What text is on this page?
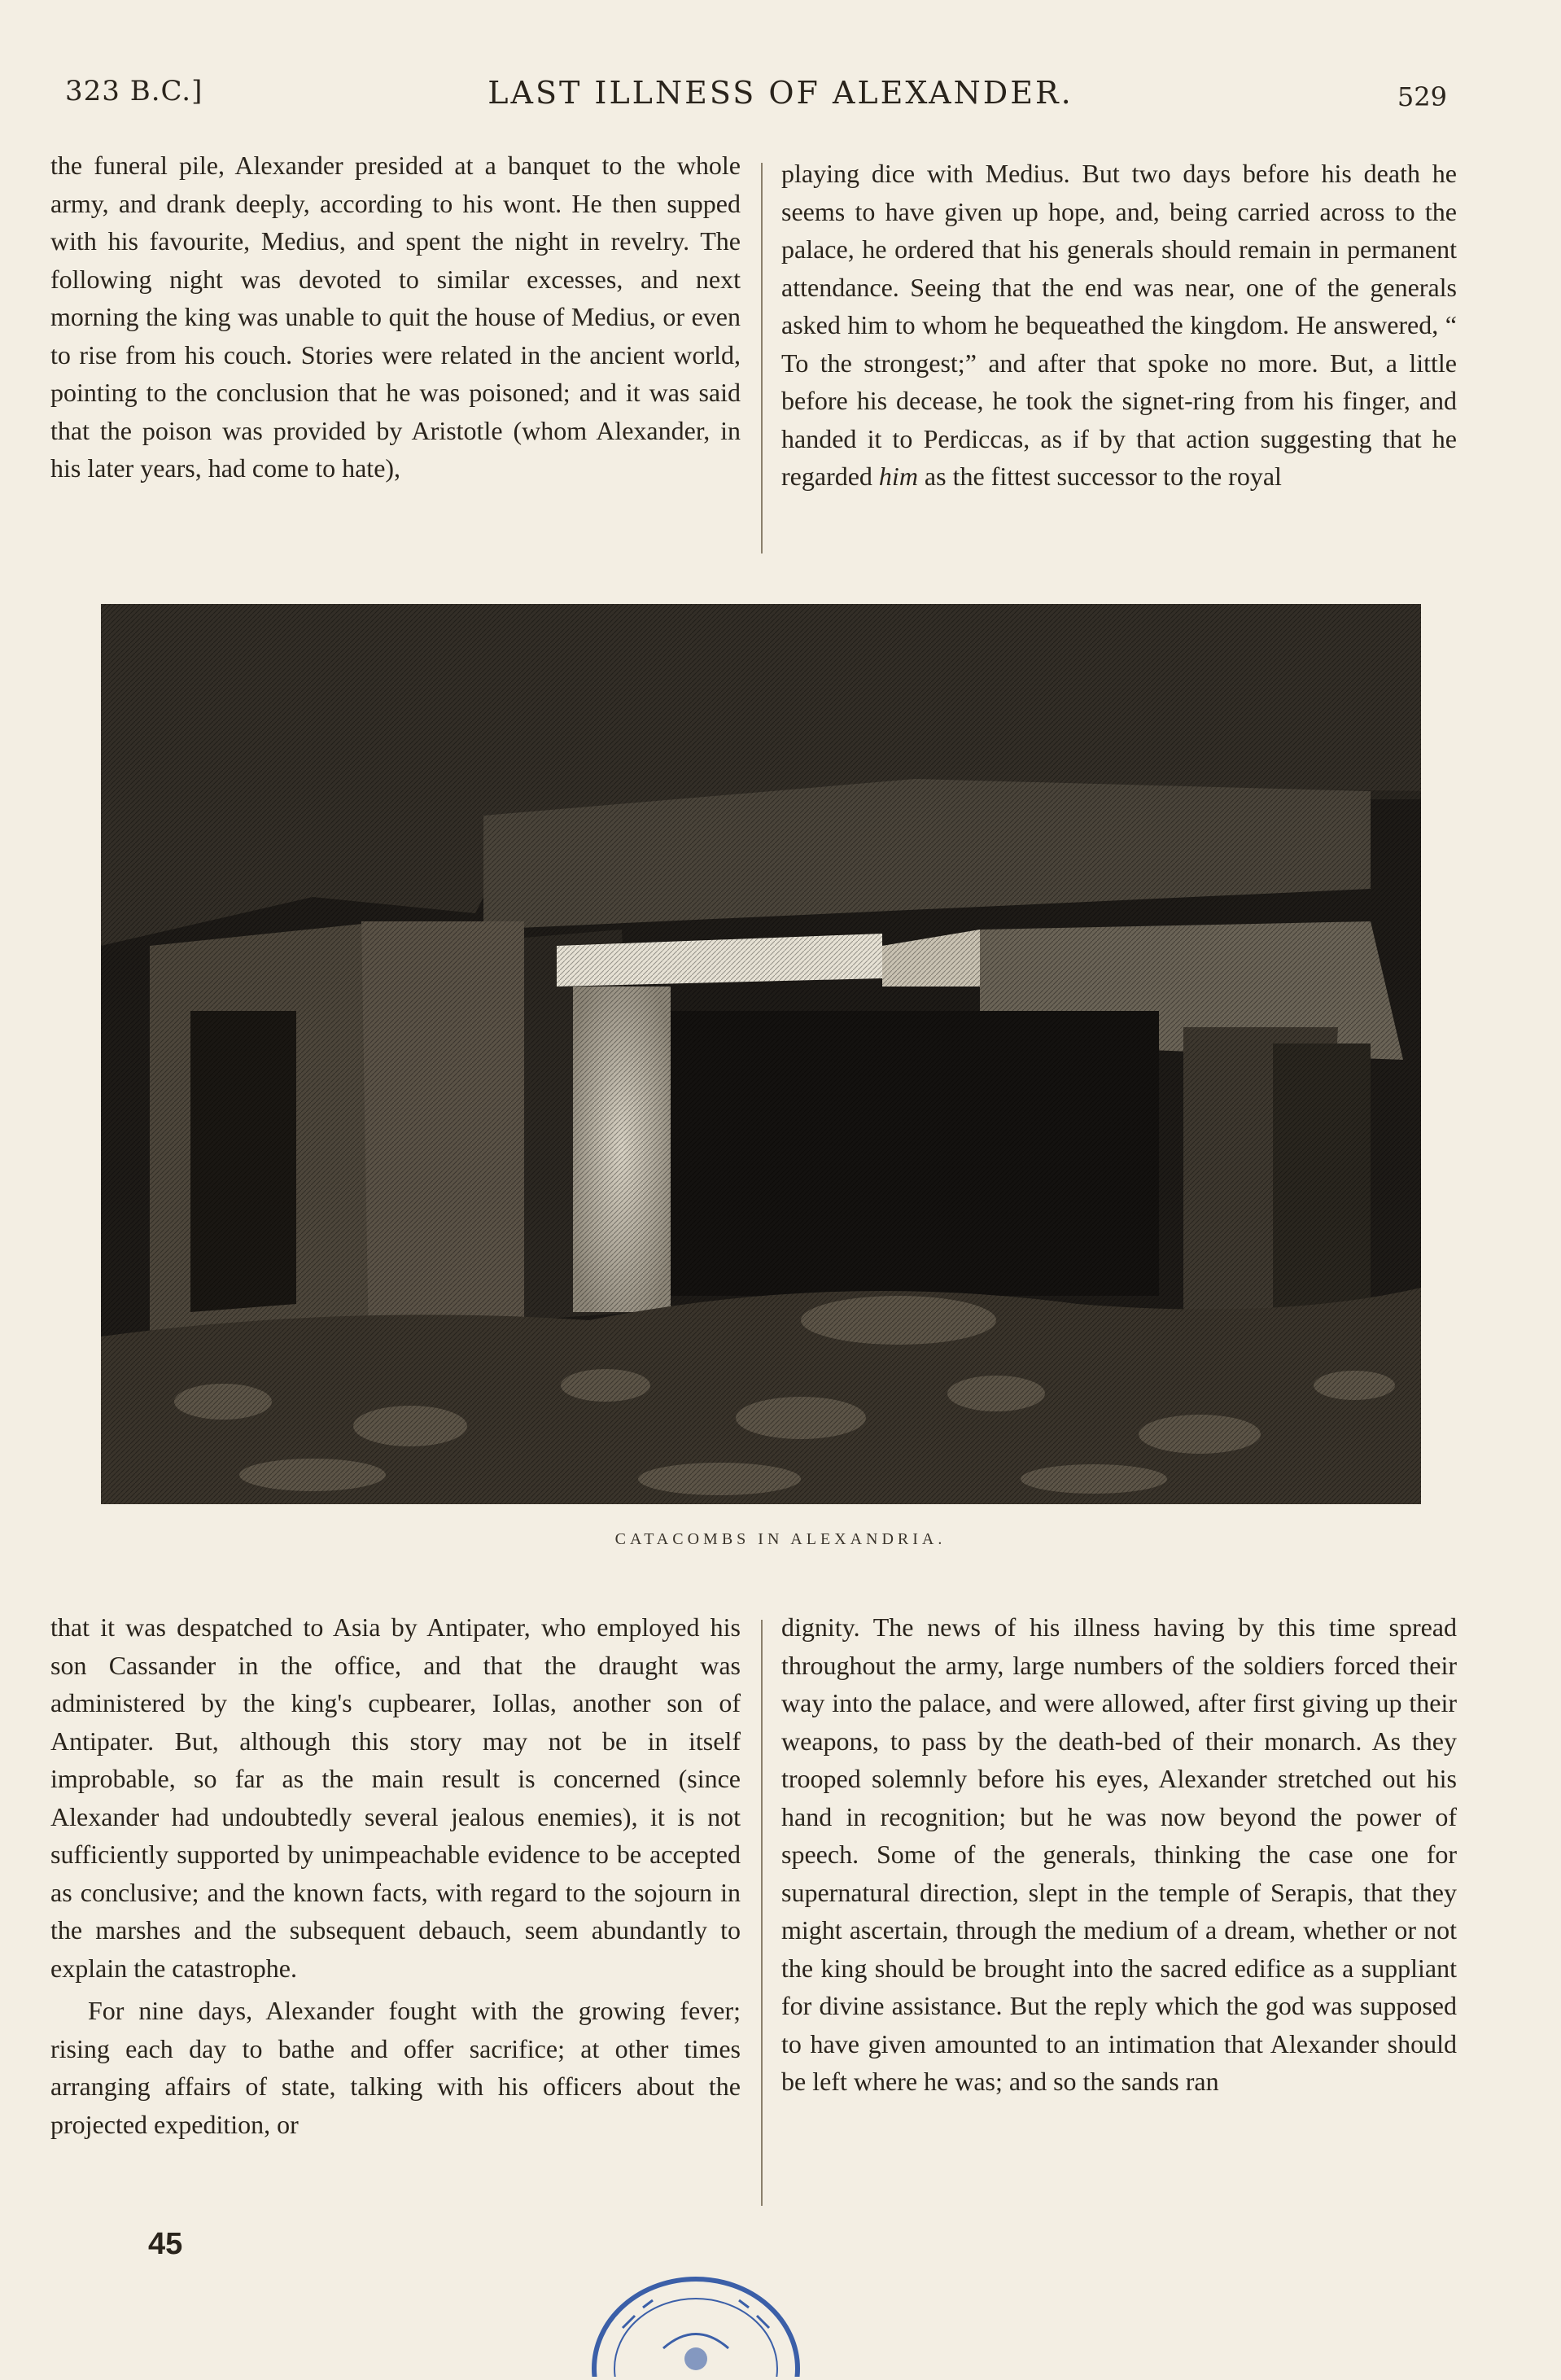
323 B.C.]	LAST ILLNESS OF ALEXANDER.	529

the funeral pile, Alexander presided at a banquet to the whole army, and drank deeply, according to his wont. He then supped with his favourite, Medius, and spent the night in revelry. The following night was devoted to similar excesses, and next morning the king was unable to quit the house of Medius, or even to rise from his couch. Stories were related in the ancient world, pointing to the conclusion that he was poisoned; and it was said that the poison was provided by Aristotle (whom Alexander, in his later years, had come to hate),

playing dice with Medius. But two days before his death he seems to have given up hope, and, being carried across to the palace, he ordered that his generals should remain in permanent attendance. Seeing that the end was near, one of the generals asked him to whom he bequeathed the kingdom. He answered, “ To the strongest;” and after that spoke no more. But, a little before his decease, he took the signet-ring from his finger, and handed it to Perdiccas, as if by that action suggesting that he regarded him as the fittest successor to the royal

CATACOMBS IN ALEXANDRIA.

that it was despatched to Asia by Antipater, who employed his son Cassander in the office, and that the draught was administered by the king's cupbearer, Iollas, another son of Antipater. But, although this story may not be in itself improbable, so far as the main result is concerned (since Alexander had undoubtedly several jealous enemies), it is not sufficiently supported by unimpeachable evidence to be accepted as conclusive; and the known facts, with regard to the sojourn in the marshes and the subsequent debauch, seem abundantly to explain the catastrophe.

For nine days, Alexander fought with the growing fever; rising each day to bathe and offer sacrifice; at other times arranging affairs of state, talking with his officers about the projected expedition, or

dignity. The news of his illness having by this time spread throughout the army, large numbers of the soldiers forced their way into the palace, and were allowed, after first giving up their weapons, to pass by the death-bed of their monarch. As they trooped solemnly before his eyes, Alexander stretched out his hand in recognition; but he was now beyond the power of speech. Some of the generals, thinking the case one for supernatural direction, slept in the temple of Serapis, that they might ascertain, through the medium of a dream, whether or not the king should be brought into the sacred edifice as a suppliant for divine assistance. But the reply which the god was supposed to have given amounted to an intimation that Alexander should be left where he was; and so the sands ran

45
